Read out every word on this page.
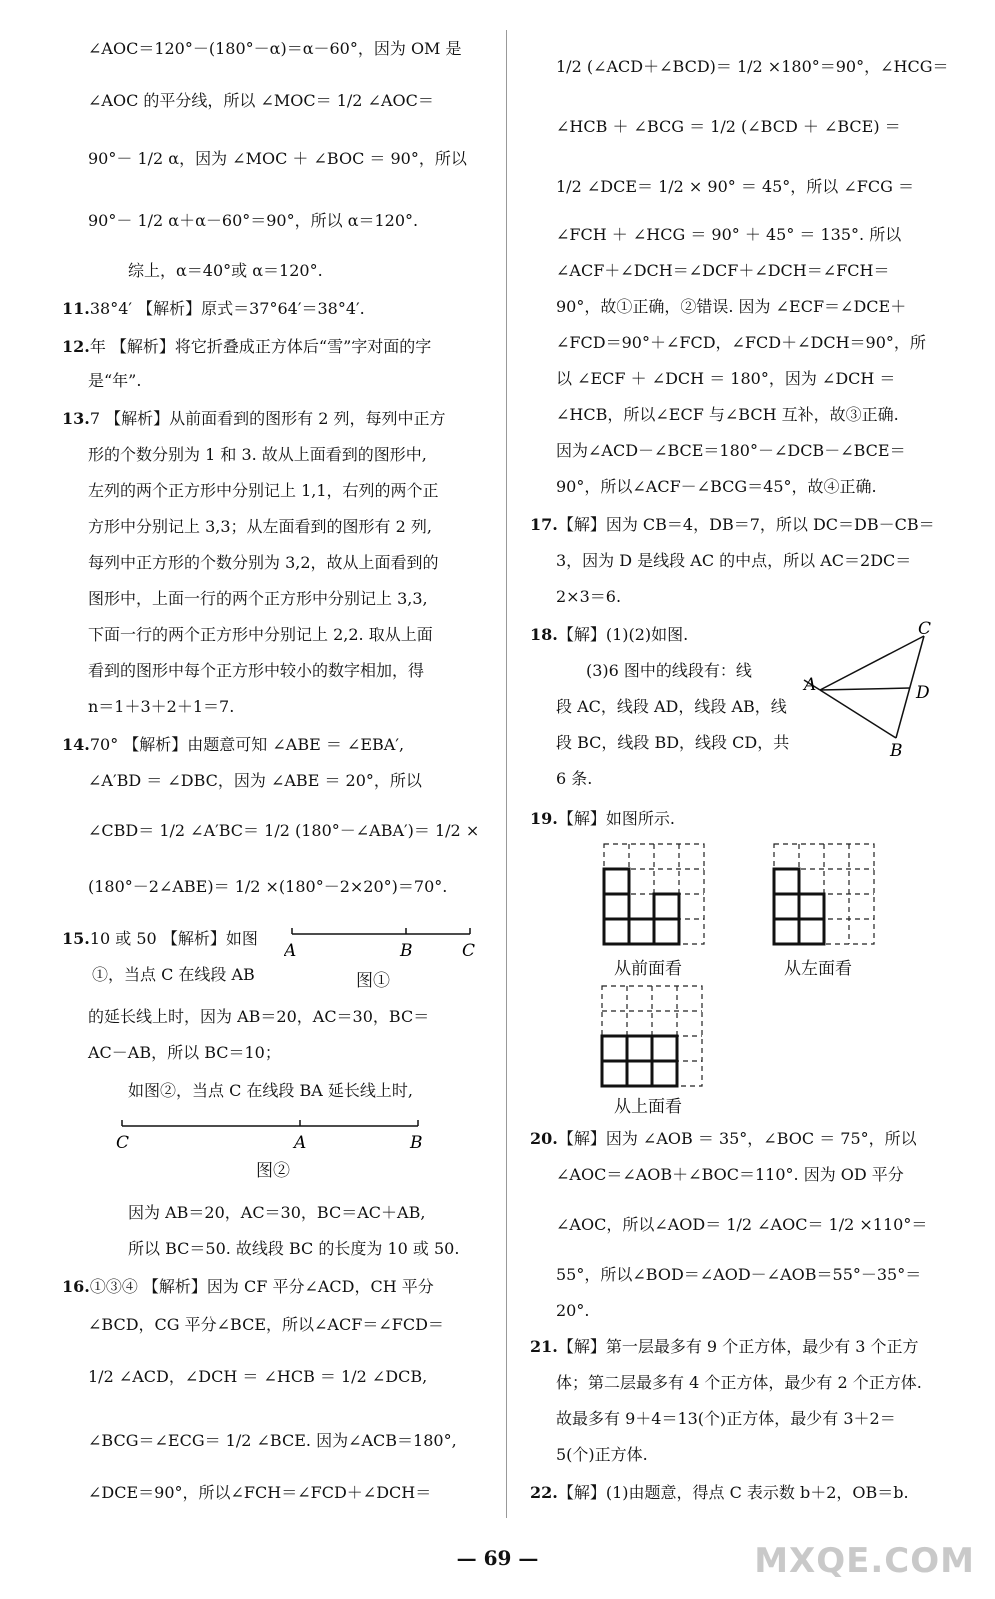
A	B	C
图①
C	A	B
图②
A
B
C
D
从前面看	从左面看
从上面看
— 69 —	MXQE.COM
∠AOC＝120°－(180°－α)＝α－60°，因为 OM 是
∠AOC 的平分线，所以 ∠MOC＝ 1/2 ∠AOC＝
90°－ 1/2 α，因为 ∠MOC ＋ ∠BOC ＝ 90°，所以
90°－ 1/2 α＋α－60°＝90°，所以 α＝120°.
综上，α＝40°或 α＝120°.
11.38°4′ 【解析】原式＝37°64′＝38°4′.
12.年 【解析】将它折叠成正方体后“雪”字对面的字
是“年”.
13.7 【解析】从前面看到的图形有 2 列，每列中正方
形的个数分别为 1 和 3. 故从上面看到的图形中,
左列的两个正方形中分别记上 1,1，右列的两个正
方形中分别记上 3,3；从左面看到的图形有 2 列,
每列中正方形的个数分别为 3,2，故从上面看到的
图形中，上面一行的两个正方形中分别记上 3,3,
下面一行的两个正方形中分别记上 2,2. 取从上面
看到的图形中每个正方形中较小的数字相加，得
n＝1＋3＋2＋1＝7.
14.70° 【解析】由题意可知 ∠ABE ＝ ∠EBA′,
∠A′BD ＝ ∠DBC，因为 ∠ABE ＝ 20°，所以
∠CBD＝ 1/2 ∠A′BC＝ 1/2 (180°－∠ABA′)＝ 1/2 ×
(180°－2∠ABE)＝ 1/2 ×(180°－2×20°)＝70°.
15.10 或 50 【解析】如图
①，当点 C 在线段 AB
的延长线上时，因为 AB＝20，AC＝30，BC＝
AC－AB，所以 BC＝10；
如图②，当点 C 在线段 BA 延长线上时,
因为 AB＝20，AC＝30，BC＝AC＋AB,
所以 BC＝50. 故线段 BC 的长度为 10 或 50.
16.①③④ 【解析】因为 CF 平分∠ACD，CH 平分
∠BCD，CG 平分∠BCE，所以∠ACF＝∠FCD＝
1/2 ∠ACD，∠DCH ＝ ∠HCB ＝ 1/2 ∠DCB,
∠BCG＝∠ECG＝ 1/2 ∠BCE. 因为∠ACB＝180°,
∠DCE＝90°，所以∠FCH＝∠FCD＋∠DCH＝
1/2 (∠ACD＋∠BCD)＝ 1/2 ×180°＝90°，∠HCG＝
∠HCB ＋ ∠BCG ＝ 1/2 (∠BCD ＋ ∠BCE) ＝
1/2 ∠DCE＝ 1/2 × 90° ＝ 45°，所以 ∠FCG ＝
∠FCH ＋ ∠HCG ＝ 90° ＋ 45° ＝ 135°. 所以
∠ACF＋∠DCH＝∠DCF＋∠DCH＝∠FCH＝
90°，故①正确，②错误. 因为 ∠ECF＝∠DCE＋
∠FCD＝90°＋∠FCD，∠FCD＋∠DCH＝90°，所
以 ∠ECF ＋ ∠DCH ＝ 180°，因为 ∠DCH ＝
∠HCB，所以∠ECF 与∠BCH 互补，故③正确.
因为∠ACD－∠BCE＝180°－∠DCB－∠BCE＝
90°，所以∠ACF－∠BCG＝45°，故④正确.
17.【解】因为 CB＝4，DB＝7，所以 DC＝DB－CB＝
3，因为 D 是线段 AC 的中点，所以 AC＝2DC＝
2×3＝6.
18.【解】(1)(2)如图.
(3)6 图中的线段有：线
段 AC，线段 AD，线段 AB，线
段 BC，线段 BD，线段 CD，共
6 条.
19.【解】如图所示.
20.【解】因为 ∠AOB ＝ 35°，∠BOC ＝ 75°，所以
∠AOC＝∠AOB＋∠BOC＝110°. 因为 OD 平分
∠AOC，所以∠AOD＝ 1/2 ∠AOC＝ 1/2 ×110°＝
55°，所以∠BOD＝∠AOD－∠AOB＝55°－35°＝
20°.
21.【解】第一层最多有 9 个正方体，最少有 3 个正方
体；第二层最多有 4 个正方体，最少有 2 个正方体.
故最多有 9＋4＝13(个)正方体，最少有 3＋2＝
5(个)正方体.
22.【解】(1)由题意，得点 C 表示数 b＋2，OB＝b.
